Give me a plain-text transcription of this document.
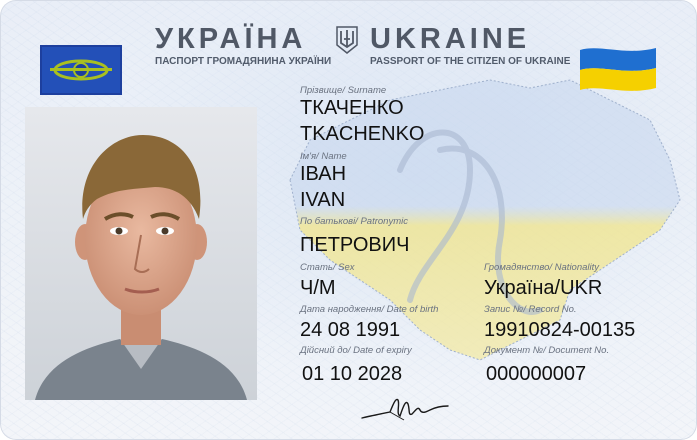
УКРАЇНА UKRAINE
ПАСПОРТ ГРОМАДЯНИНА УКРАЇНИ	PASSPORT OF THE CITIZEN OF UKRAINE
Прізвище/ Surname
ТКАЧЕНКО
TKACHENKO
Ім'я/ Name
ІВАН
IVAN
По батькові/ Patronymic
ПЕТРОВИЧ
Стать/ Sex
Ч/M
Громадянство/ Nationality
Україна/UKR
Дата народження/ Date of birth
24 08 1991
Запис №/ Record No.
19910824-00135
Дійсний до/ Date of expiry
01 10 2028
Документ №/ Document No.
000000007
